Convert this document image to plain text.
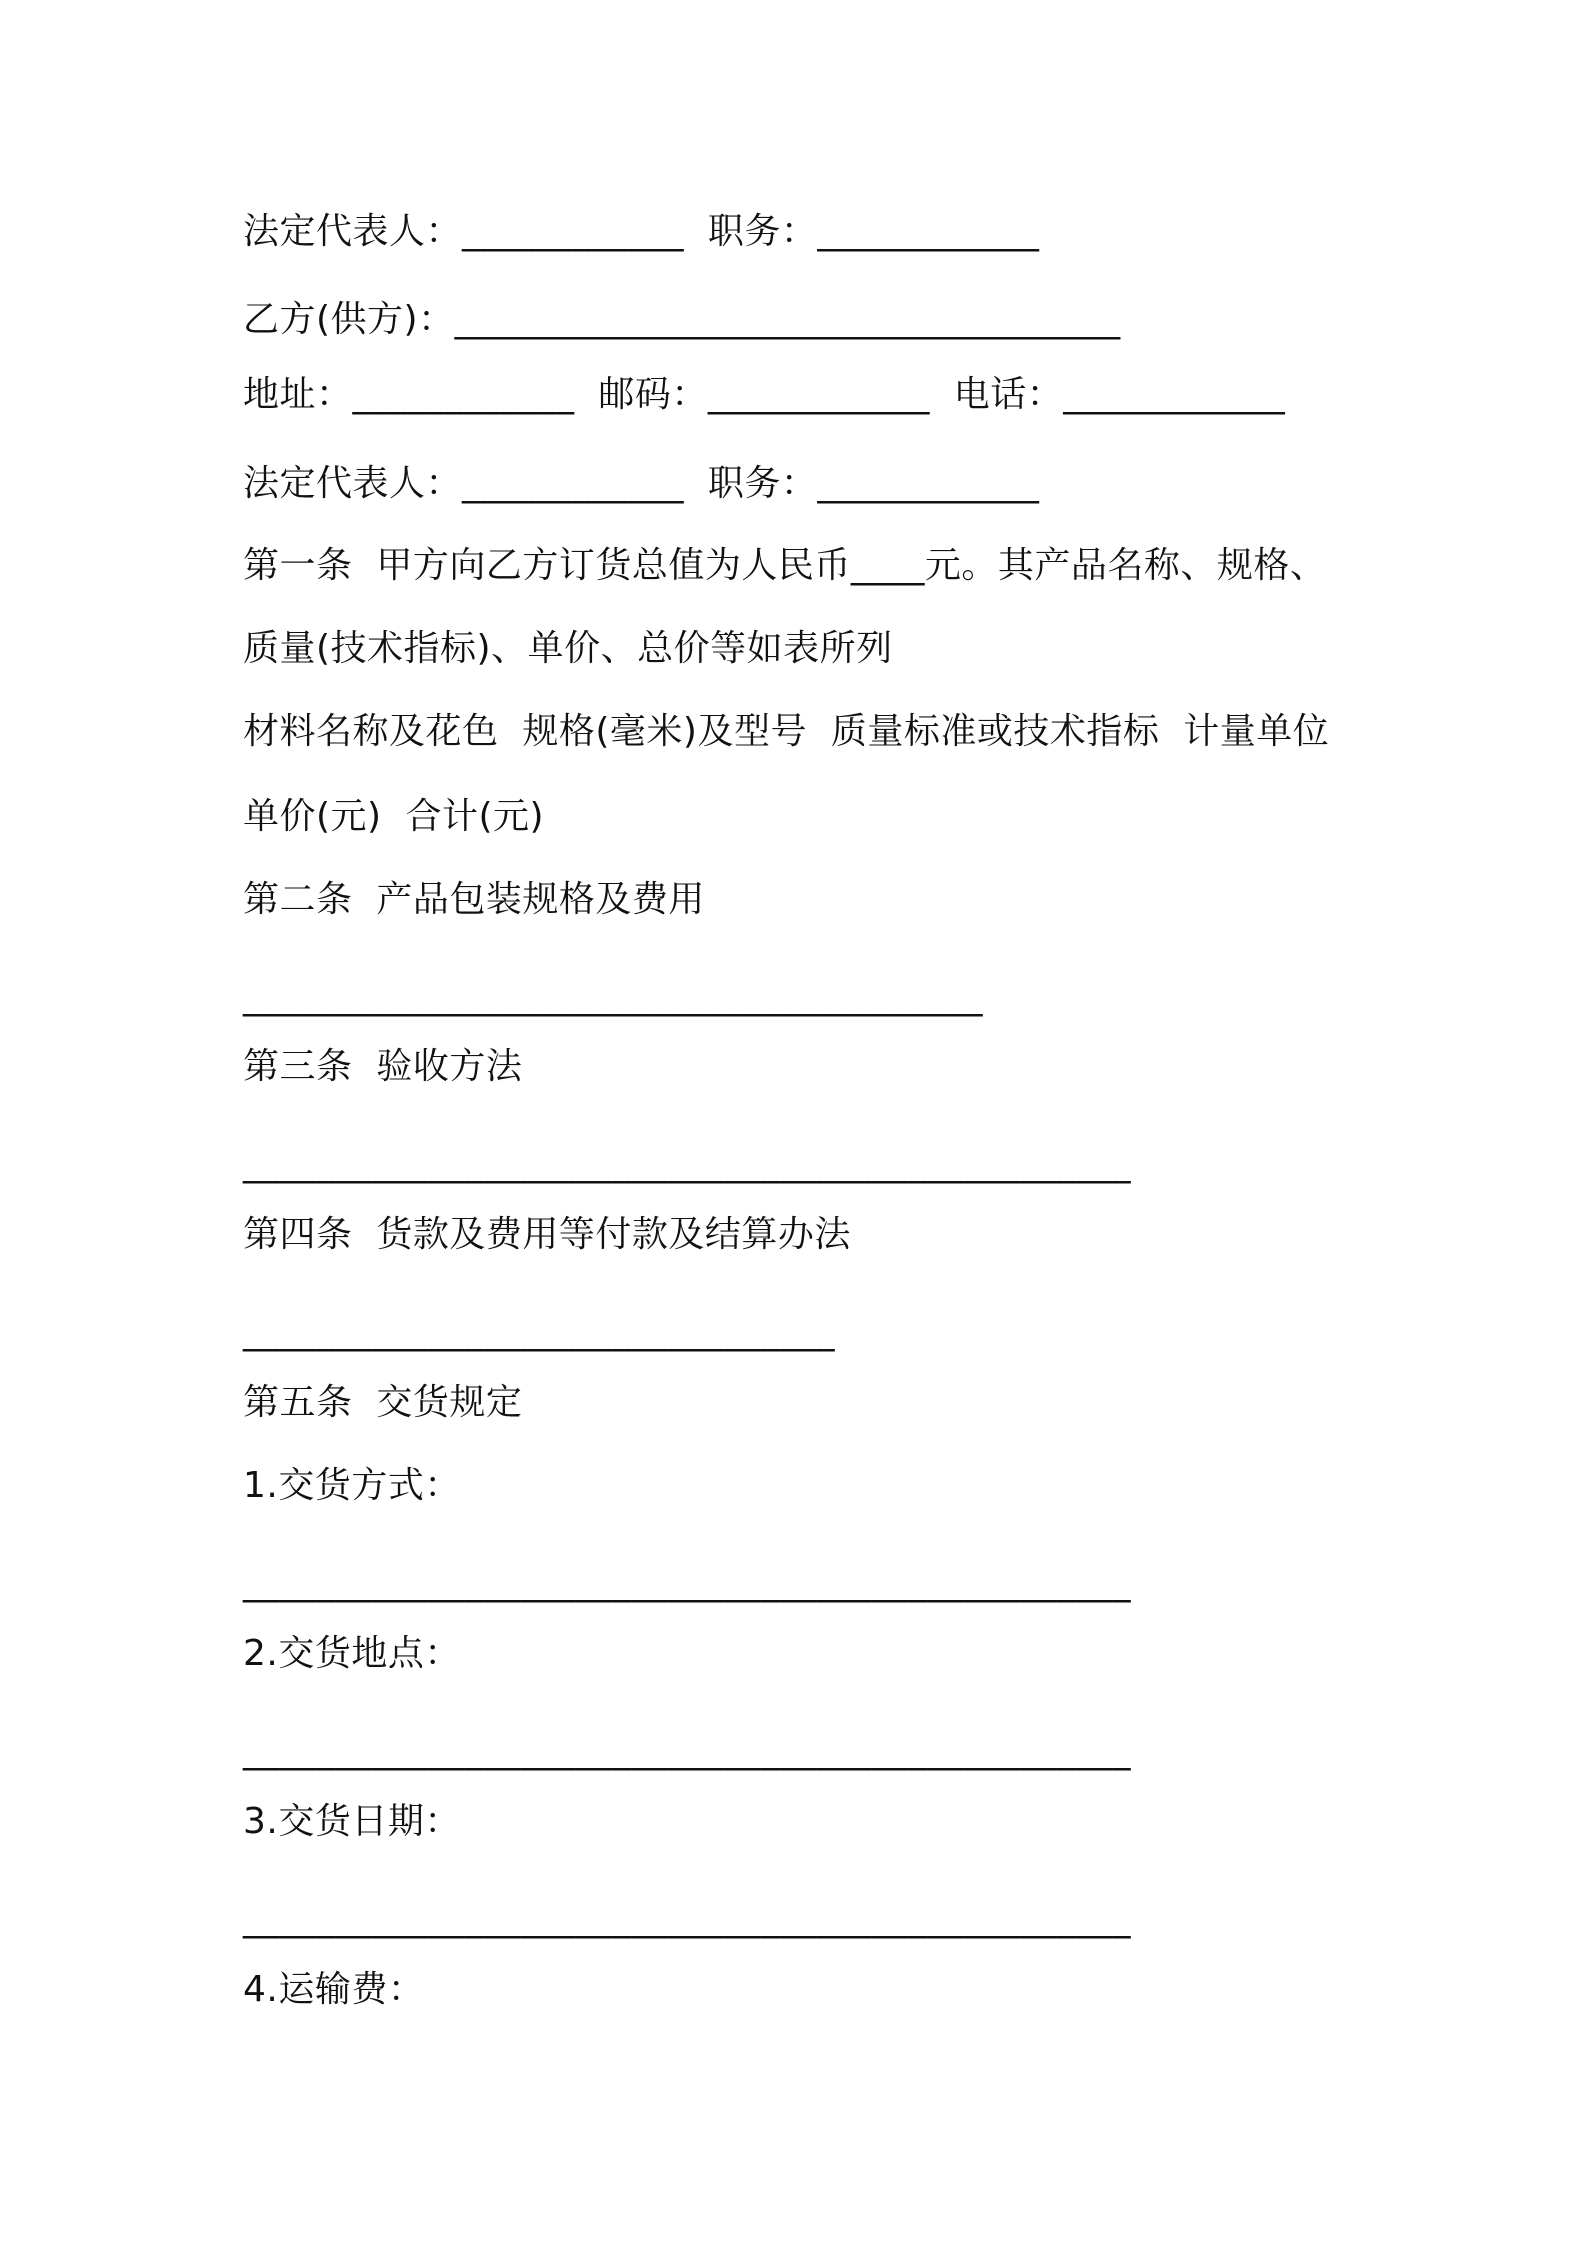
法定代表人：____________  职务：____________
乙方(供方)：____________________________________
地址：____________  邮码：____________  电话：____________
法定代表人：____________  职务：____________
第一条  甲方向乙方订货总值为人民币____元。其产品名称、规格、
质量(技术指标)、单价、总价等如表所列
材料名称及花色  规格(毫米)及型号  质量标准或技术指标  计量单位
单价(元)  合计(元)
第二条  产品包装规格及费用
________________________________________
第三条  验收方法
________________________________________________
第四条  货款及费用等付款及结算办法
________________________________
第五条  交货规定
1.交货方式：
________________________________________________
2.交货地点：
________________________________________________
3.交货日期：
________________________________________________
4.运输费：
